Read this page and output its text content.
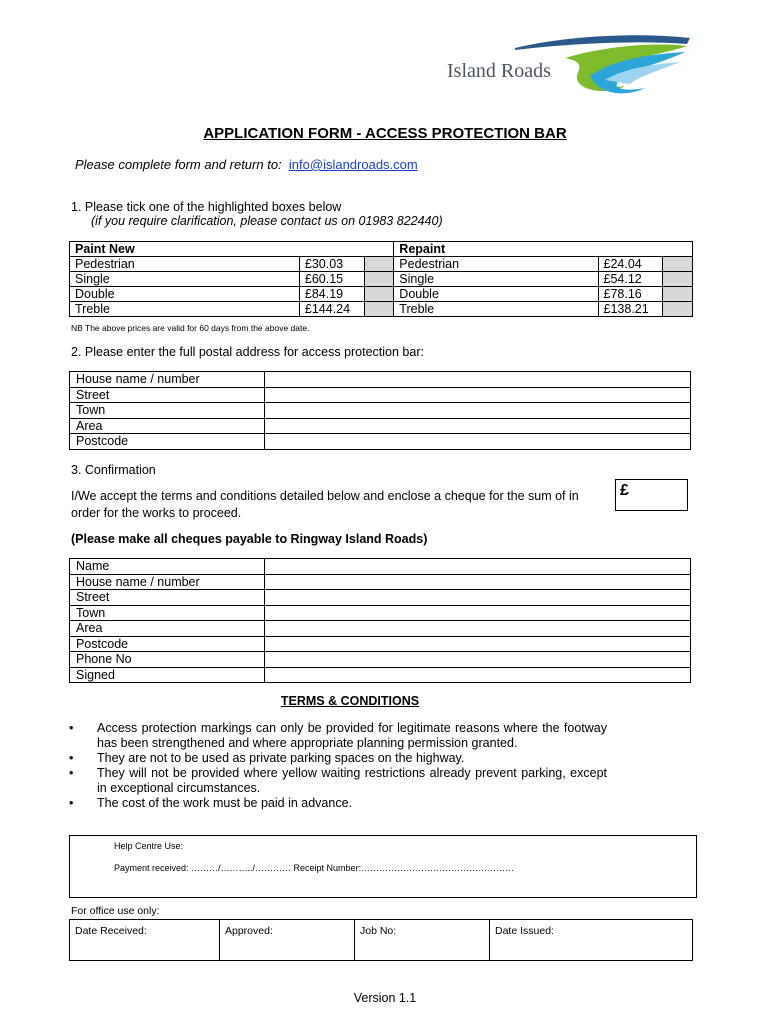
Island Roads
APPLICATION FORM - ACCESS PROTECTION BAR
Please complete form and return to: info@islandroads.com
1. Please tick one of the highlighted boxes below
(if you require clarification, please contact us on 01983 822440)
Paint New			Repaint		
Pedestrian	£30.03		Pedestrian	£24.04	
Single	£60.15		Single	£54.12	
Double	£84.19		Double	£78.16	
Treble	£144.24		Treble	£138.21	
NB The above prices are valid for 60 days from the above date.
2. Please enter the full postal address for access protection bar:
House name / number	
Street	
Town	
Area	
Postcode	
3. Confirmation
I/We accept the terms and conditions detailed below and enclose a cheque for the sum of in order for the works to proceed.
£
(Please make all cheques payable to Ringway Island Roads)
Name	
House name / number	
Street	
Town	
Area	
Postcode	
Phone No	
Signed	
TERMS & CONDITIONS
• Access protection markings can only be provided for legitimate reasons where the footway has been strengthened and where appropriate planning permission granted.
• They are not to be used as private parking spaces on the highway.
• They will not be provided where yellow waiting restrictions already prevent parking, except in exceptional circumstances.
• The cost of the work must be paid in advance.
Help Centre Use:
Payment received: ………/………../………… Receipt Number:……………………………………………
For office use only:
Date Received:	Approved:	Job No:	Date Issued:
Version 1.1
